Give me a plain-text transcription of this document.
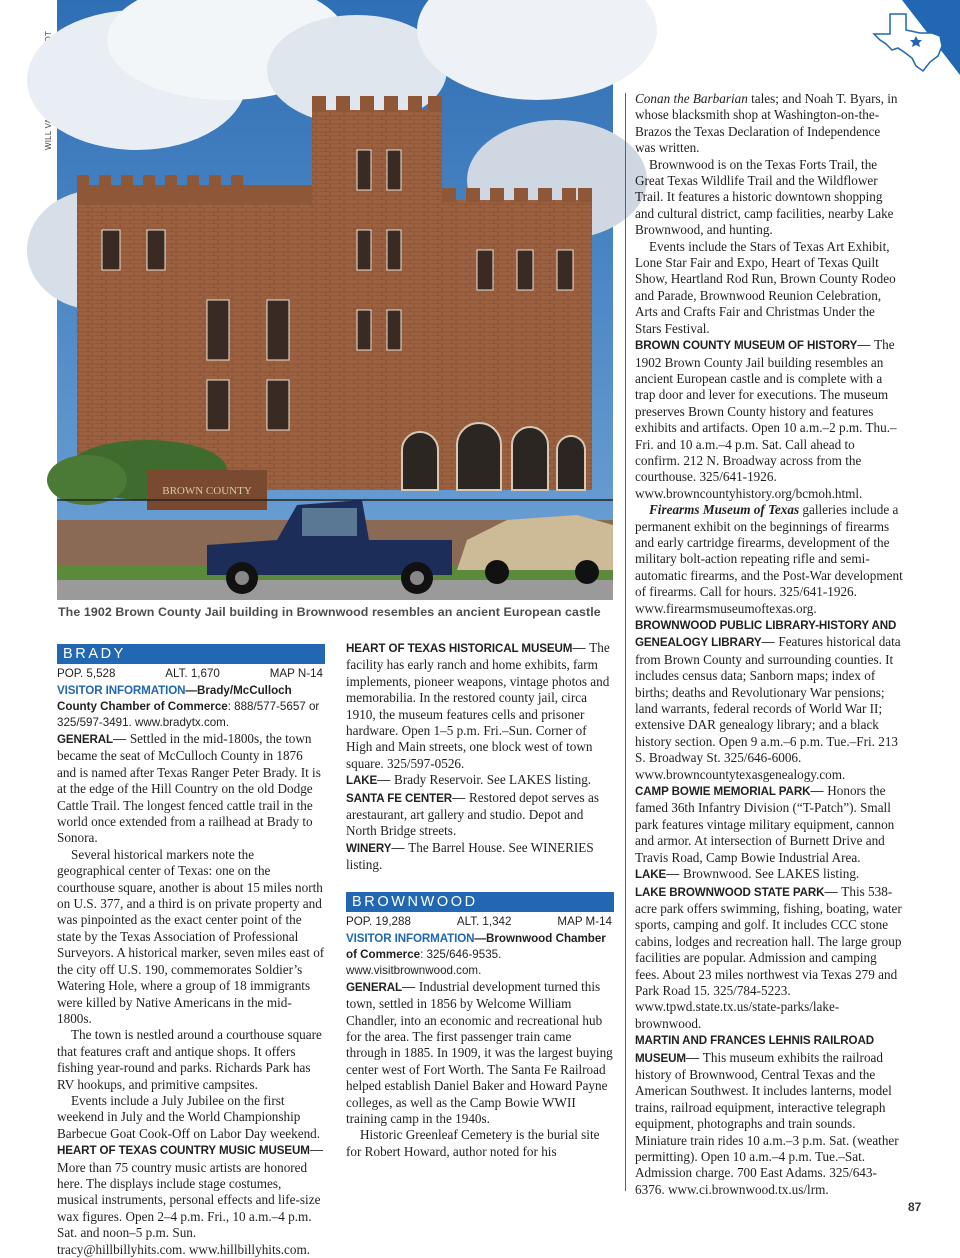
BROWN COUNTY
The 1902 Brown County Jail building in Brownwood resembles an ancient European castle
BRADY
POP. 5,528	ALT. 1,670	MAP N-14

VISITOR INFORMATION—Brady/McCulloch County Chamber of Commerce: 888/577-5657 or 325/597-3491. www.bradytx.com.

GENERAL— Settled in the mid-1800s, the town became the seat of McCulloch County in 1876 and is named after Texas Ranger Peter Brady. It is at the edge of the Hill Country on the old Dodge Cattle Trail. The longest fenced cattle trail in the world once extended from a railhead at Brady to Sonora.

Several historical markers note the geographical center of Texas: one on the courthouse square, another is about 15 miles north on U.S. 377, and a third is on private property and was pinpointed as the exact center point of the state by the Texas Association of Professional Surveyors. A historical marker, seven miles east of the city off U.S. 190, commemorates Soldier’s Watering Hole, where a group of 18 immigrants were killed by Native Americans in the mid-1800s.

The town is nestled around a courthouse square that features craft and antique shops. It offers fishing year-round and parks. Richards Park has RV hookups, and primitive campsites.

Events include a July Jubilee on the first weekend in July and the World Championship Barbecue Goat Cook-Off on Labor Day weekend.

HEART OF TEXAS COUNTRY MUSIC MUSEUM— More than 75 country music artists are honored here. The displays include stage costumes, musical instruments, personal effects and life-size wax figures. Open 2–4 p.m. Fri., 10 a.m.–4 p.m. Sat. and noon–5 p.m. Sun. tracy@hillbillyhits.com. www.hillbillyhits.com.

HEART OF TEXAS HISTORICAL MUSEUM— The facility has early ranch and home exhibits, farm implements, pioneer weapons, vintage photos and memorabilia. In the restored county jail, circa 1910, the museum features cells and prisoner hardware. Open 1–5 p.m. Fri.–Sun. Corner of High and Main streets, one block west of town square. 325/597-0526.

LAKE— Brady Reservoir. See LAKES listing.

SANTA FE CENTER— Restored depot serves as arestaurant, art gallery and studio. Depot and North Bridge streets.

WINERY— The Barrel House. See WINERIES listing.

BROWNWOOD
POP. 19,288	ALT. 1,342	MAP M-14

VISITOR INFORMATION—Brownwood Chamber of Commerce: 325/646-9535. www.visitbrownwood.com.

GENERAL— Industrial development turned this town, settled in 1856 by Welcome William Chandler, into an economic and recreational hub for the area. The first passenger train came through in 1885. In 1909, it was the largest buying center west of Fort Worth. The Santa Fe Railroad helped establish Daniel Baker and Howard Payne colleges, as well as the Camp Bowie WWII training camp in the 1940s.

Historic Greenleaf Cemetery is the burial site for Robert Howard, author noted for his

Conan the Barbarian tales; and Noah T. Byars, in whose blacksmith shop at Washington-on-the-Brazos the Texas Declaration of Independence was written.

Brownwood is on the Texas Forts Trail, the Great Texas Wildlife Trail and the Wildflower Trail. It features a historic downtown shopping and cultural district, camp facilities, nearby Lake Brownwood, and hunting.

Events include the Stars of Texas Art Exhibit, Lone Star Fair and Expo, Heart of Texas Quilt Show, Heartland Rod Run, Brown County Rodeo and Parade, Brownwood Reunion Celebration, Arts and Crafts Fair and Christmas Under the Stars Festival.

BROWN COUNTY MUSEUM OF HISTORY— The 1902 Brown County Jail building resembles an ancient European castle and is complete with a trap door and lever for executions. The museum preserves Brown County history and features exhibits and artifacts. Open 10 a.m.–2 p.m. Thu.–Fri. and 10 a.m.–4 p.m. Sat. Call ahead to confirm. 212 N. Broadway across from the courthouse. 325/641-1926. www.browncountyhistory.org/bcmoh.html.

Firearms Museum of Texas galleries include a permanent exhibit on the beginnings of firearms and early cartridge firearms, development of the military bolt-action repeating rifle and semi-automatic firearms, and the Post-War development of firearms. Call for hours. 325/641-1926. www.firearmsmuseumoftexas.org.

BROWNWOOD PUBLIC LIBRARY-HISTORY AND GENEALOGY LIBRARY— Features historical data from Brown County and surrounding counties. It includes census data; Sanborn maps; index of births; deaths and Revolutionary War pensions; land warrants, federal records of World War II; extensive DAR genealogy library; and a black history section. Open 9 a.m.–6 p.m. Tue.–Fri. 213 S. Broadway St. 325/646-6006. www.browncountytexasgenealogy.com.

CAMP BOWIE MEMORIAL PARK— Honors the famed 36th Infantry Division (“T-Patch”). Small park features vintage military equipment, cannon and armor. At intersection of Burnett Drive and Travis Road, Camp Bowie Industrial Area.

LAKE— Brownwood. See LAKES listing.

LAKE BROWNWOOD STATE PARK— This 538-acre park offers swimming, fishing, boating, water sports, camping and golf. It includes CCC stone cabins, lodges and recreation hall. The large group facilities are popular. Admission and camping fees. About 23 miles northwest via Texas 279 and Park Road 15. 325/784-5223. www.tpwd.state.tx.us/state-parks/lake-brownwood.

MARTIN AND FRANCES LEHNIS RAILROAD MUSEUM— This museum exhibits the railroad history of Brownwood, Central Texas and the American Southwest. It includes lanterns, model trains, railroad equipment, interactive telegraph equipment, photographs and train sounds. Miniature train rides 10 a.m.–3 p.m. Sat. (weather permitting). Open 10 a.m.–4 p.m. Tue.–Sat. Admission charge. 700 East Adams. 325/643-6376. www.ci.brownwood.tx.us/lrm.

87
